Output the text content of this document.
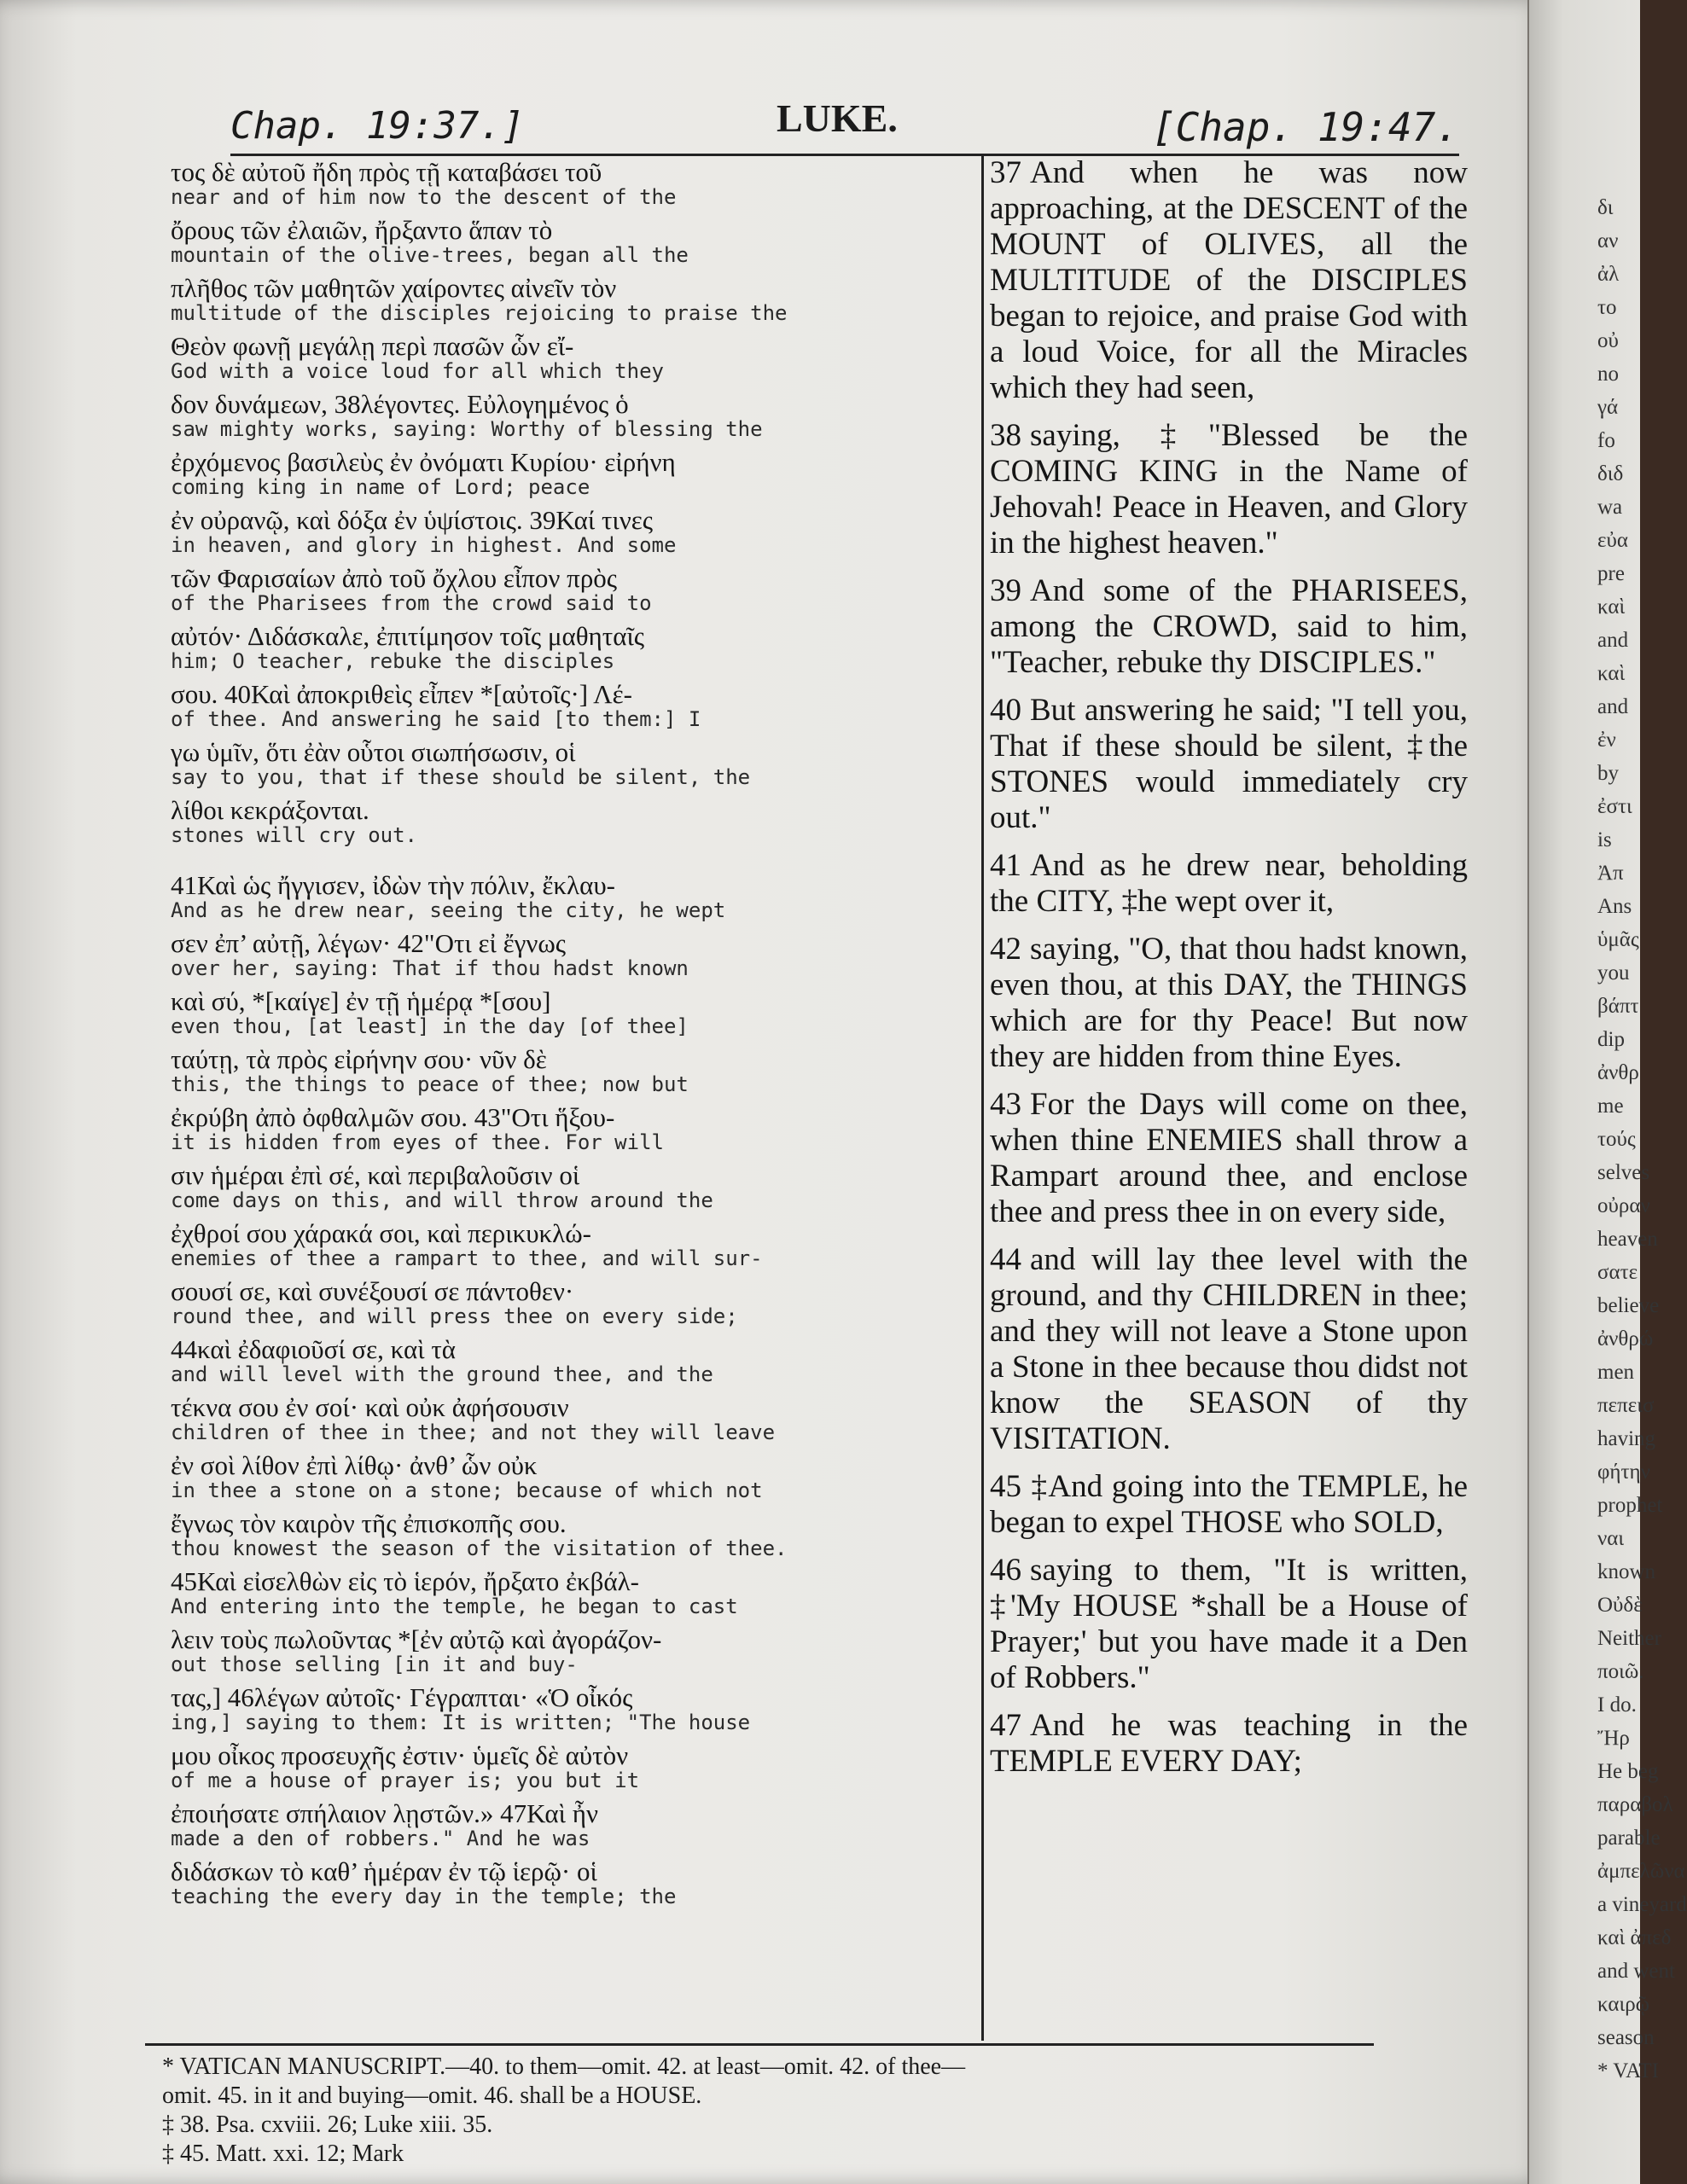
Chap. 19:37.]	LUKE.	[Chap. 19:47.
τος δὲ αὐτοῦ ἤδη πρὸς τῇ καταβάσει τοῦ
near and of him now to the descent of the
ὄρους τῶν ἐλαιῶν, ἤρξαντο ἅπαν τὸ
mountain of the olive-trees, began all the
πλῆθος τῶν μαθητῶν χαίροντες αἰνεῖν τὸν
multitude of the disciples rejoicing to praise the
Θεὸν φωνῇ μεγάλῃ περὶ πασῶν ὧν εἴ-
God with a voice loud for all which they
δον δυνάμεων, 38λέγοντες. Εὐλογημένος ὁ
saw mighty works, saying: Worthy of blessing the
ἐρχόμενος βασιλεὺς ἐν ὀνόματι Κυρίου· εἰρήνη
coming king in name of Lord; peace
ἐν οὐρανῷ, καὶ δόξα ἐν ὑψίστοις. 39Καί τινες
in heaven, and glory in highest. And some
τῶν Φαρισαίων ἀπὸ τοῦ ὄχλου εἶπον πρὸς
of the Pharisees from the crowd said to
αὐτόν· Διδάσκαλε, ἐπιτίμησον τοῖς μαθηταῖς
him; O teacher, rebuke the disciples
σου. 40Καὶ ἀποκριθεὶς εἶπεν *[αὐτοῖς·] Λέ-
of thee. And answering he said [to them:] I
γω ὑμῖν, ὅτι ἐὰν οὗτοι σιωπήσωσιν, οἱ
say to you, that if these should be silent, the
λίθοι κεκράξονται.
stones will cry out.
41Καὶ ὡς ἤγγισεν, ἰδὼν τὴν πόλιν, ἔκλαυ-
And as he drew near, seeing the city, he wept
σεν ἐπ’ αὐτῇ, λέγων· 42"Οτι εἰ ἔγνως
over her, saying: That if thou hadst known
καὶ σύ, *[καίγε] ἐν τῇ ἡμέρᾳ *[σου]
even thou, [at least] in the day [of thee]
ταύτῃ, τὰ πρὸς εἰρήνην σου· νῦν δὲ
this, the things to peace of thee; now but
ἐκρύβη ἀπὸ ὀφθαλμῶν σου. 43"Οτι ἥξου-
it is hidden from eyes of thee. For will
σιν ἡμέραι ἐπὶ σέ, καὶ περιβαλοῦσιν οἱ
come days on this, and will throw around the
ἐχθροί σου χάρακά σοι, καὶ περικυκλώ-
enemies of thee a rampart to thee, and will sur-
σουσί σε, καὶ συνέξουσί σε πάντοθεν·
round thee, and will press thee on every side;
44καὶ ἐδαφιοῦσί σε, καὶ τὰ
and will level with the ground thee, and the
τέκνα σου ἐν σοί· καὶ οὐκ ἀφήσουσιν
children of thee in thee; and not they will leave
ἐν σοὶ λίθον ἐπὶ λίθῳ· ἀνθ’ ὧν οὐκ
in thee a stone on a stone; because of which not
ἔγνως τὸν καιρὸν τῆς ἐπισκοπῆς σου.
thou knowest the season of the visitation of thee.
45Καὶ εἰσελθὼν εἰς τὸ ἱερόν, ἤρξατο ἐκβάλ-
And entering into the temple, he began to cast
λειν τοὺς πωλοῦντας *[ἐν αὐτῷ καὶ ἀγοράζον-
out those selling [in it and buy-
τας,] 46λέγων αὐτοῖς· Γέγραπται· «Ὁ οἶκός
ing,] saying to them: It is written; "The house
μου οἶκος προσευχῆς ἐστιν· ὑμεῖς δὲ αὐτὸν
of me a house of prayer is; you but it
ἐποιήσατε σπήλαιον λῃστῶν.» 47Καὶ ἦν
made a den of robbers." And he was
διδάσκων τὸ καθ’ ἡμέραν ἐν τῷ ἱερῷ· οἱ
teaching the every day in the temple; the

37 And when he was now approaching, at the DESCENT of the MOUNT of OLIVES, all the MULTITUDE of the DISCIPLES began to rejoice, and praise God with a loud Voice, for all the Miracles which they had seen,

38 saying, ‡"Blessed be the COMING KING in the Name of Jehovah! Peace in Heaven, and Glory in the highest heaven."

39 And some of the PHARISEES, among the CROWD, said to him, "Teacher, rebuke thy DISCIPLES."

40 But answering he said; "I tell you, That if these should be silent, ‡the STONES would immediately cry out."

41 And as he drew near, beholding the CITY, ‡he wept over it,

42 saying, "O, that thou hadst known, even thou, at this DAY, the THINGS which are for thy Peace! But now they are hidden from thine Eyes.

43 For the Days will come on thee, when thine ENEMIES shall throw a Rampart around thee, and enclose thee and press thee in on every side,

44 and will lay thee level with the ground, and thy CHILDREN in thee; and they will not leave a Stone upon a Stone in thee because thou didst not know the SEASON of thy VISITATION.

45 ‡And going into the TEMPLE, he began to expel THOSE who SOLD,

46 saying to them, "It is written, ‡'My HOUSE *shall be a House of Prayer;' but you have made it a Den of Robbers."

47 And he was teaching in the TEMPLE EVERY DAY;

* VATICAN MANUSCRIPT.—40. to them—omit. 42. at least—omit. 42. of thee—
omit. 45. in it and buying—omit. 46. shall be a HOUSE.
‡ 38. Psa. cxviii. 26; Luke xiii. 35.
‡ 45. Matt. xxi. 12; Mark
δι
αν
ἀλ
το
οὐ
no
γά
fo
διδ
wa
εὐα
pre
καὶ
and
καὶ
and
ἐν
by
ἐστι
is
Ἀπ
Ans
ὑμᾶς
you
βάπτ
dip
ἀνθρ
me
τούς
selves
οὐραν
heaven
σατε
believe
ἀνθρώ
men
πεπεισ
having
φήτην
prophet
ναι
known
Οὐδὲ
Neither
ποιῶ.
I do.
Ἤρ
He beg
παραβολ
parable
ἀμπελῶνα
a vineyard
καὶ ἀπεδ
and went
καιρῷ
season
* VATI
